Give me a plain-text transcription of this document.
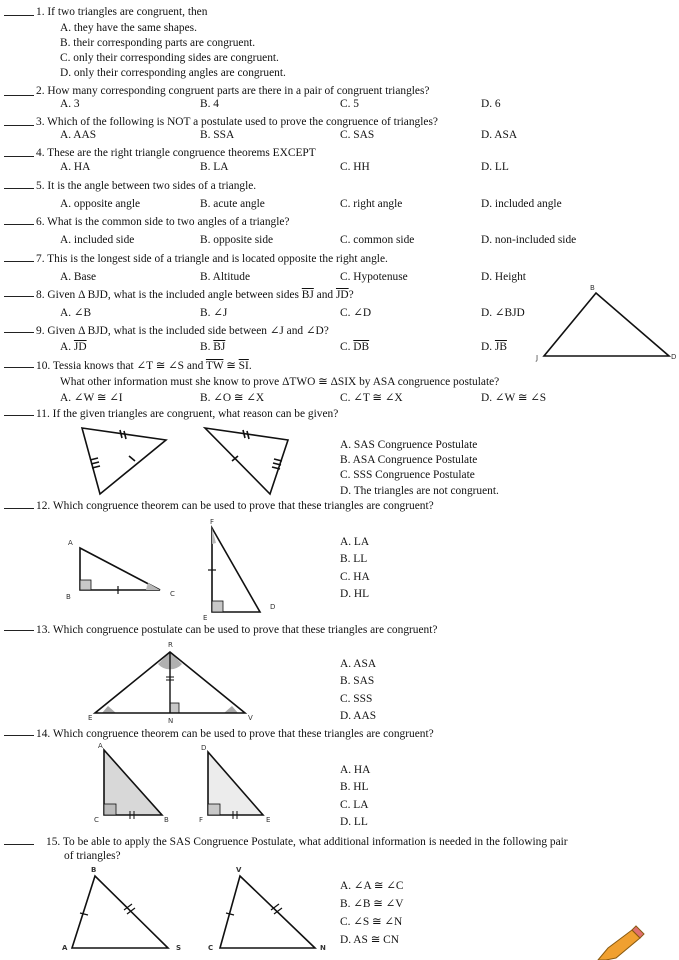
1. If two triangles are congruent, then
A. they have the same shapes.
B. their corresponding parts are congruent.
C. only their corresponding sides are congruent.
D. only their corresponding angles are congruent.
2. How many corresponding congruent parts are there in a pair of congruent triangles?
A. 3	B. 4	C. 5	D. 6
3. Which of the following is NOT a postulate used to prove the congruence of triangles?
A. AAS	B. SSA	C. SAS	D. ASA
4. These are the right triangle congruence theorems EXCEPT
A. HA	B. LA	C. HH	D. LL
5. It is the angle between two sides of a triangle.
A. opposite angle	B. acute angle	C. right angle	D. included angle
6. What is the common side to two angles of a triangle?
A. included side	B. opposite side	C. common side	D. non-included side
7. This is the longest side of a triangle and is located opposite the right angle.
A. Base	B. Altitude	C. Hypotenuse	D. Height
8. Given Δ BJD, what is the included angle between sides $\overline{BJ}$ and $\overline{JD}$?
A. ∠B	B. ∠J	C. ∠D	D. ∠BJD
9. Given Δ BJD, what is the included side between ∠J and ∠D?
A. $\overline{JD}$	B. $\overline{BJ}$	C. $\overline{DB}$	D. $\overline{JB}$
10. Tessia knows that ∠T ≅ ∠S and $\overline{TW}$ ≅ $\overline{SI}$.
What other information must she know to prove ΔTWO ≅ ΔSIX by ASA congruence postulate?
A. ∠W ≅ ∠I	B. ∠O ≅ ∠X	C. ∠T ≅ ∠X	D. ∠W ≅ ∠S
11. If the given triangles are congruent, what reason can be given?
A. SAS Congruence Postulate
B. ASA Congruence Postulate
C. SSS Congruence Postulate
D. The triangles are not congruent.
12. Which congruence theorem can be used to prove that these triangles are congruent?
A. LA
B. LL
C. HA
D. HL
13. Which congruence postulate can be used to prove that these triangles are congruent?
A. ASA
B. SAS
C. SSS
D. AAS
14. Which congruence theorem can be used to prove that these triangles are congruent?
A. HA
B. HL
C. LA
D. LL
15. To be able to apply the SAS Congruence Postulate, what additional information is needed in the following pair
of triangles?
A. ∠A ≅ ∠C
B. ∠B ≅ ∠V
C. ∠S ≅ ∠N
D. AS ≅ CN
B
J	D
A
B	C
F
E
D
R
E	N	V
A
C	B
D
F	E
B
A	S
V
C	N
